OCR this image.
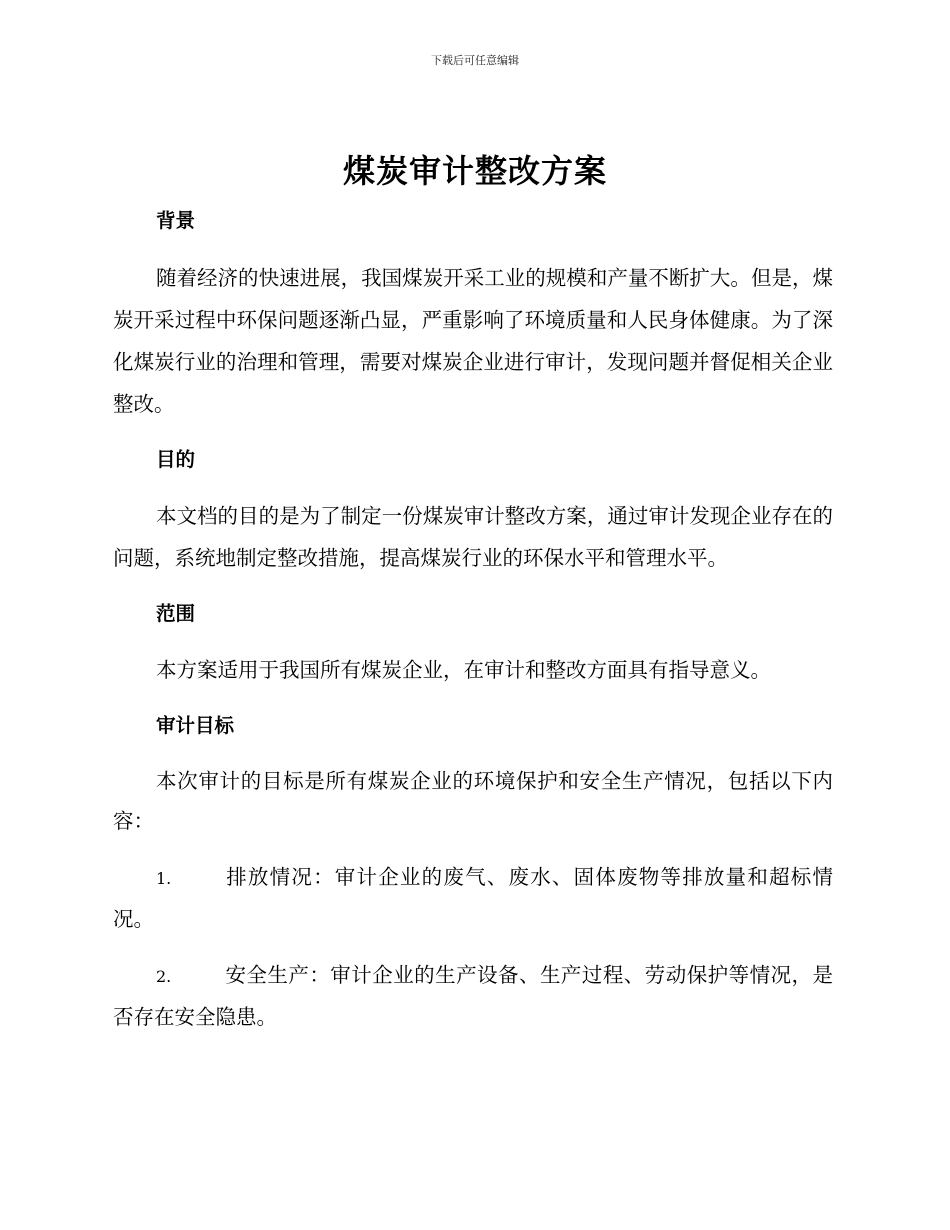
下载后可任意编辑
煤炭审计整改方案
背景

随着经济的快速进展，我国煤炭开采工业的规模和产量不断扩大。但是，煤炭开采过程中环保问题逐渐凸显，严重影响了环境质量和人民身体健康。为了深化煤炭行业的治理和管理，需要对煤炭企业进行审计，发现问题并督促相关企业整改。

目的

本文档的目的是为了制定一份煤炭审计整改方案，通过审计发现企业存在的问题，系统地制定整改措施，提高煤炭行业的环保水平和管理水平。

范围

本方案适用于我国所有煤炭企业，在审计和整改方面具有指导意义。

审计目标

本次审计的目标是所有煤炭企业的环境保护和安全生产情况，包括以下内容：

1.	排放情况：审计企业的废气、废水、固体废物等排放量和超标情况。

2.	安全生产：审计企业的生产设备、生产过程、劳动保护等情况，是否存在安全隐患。
